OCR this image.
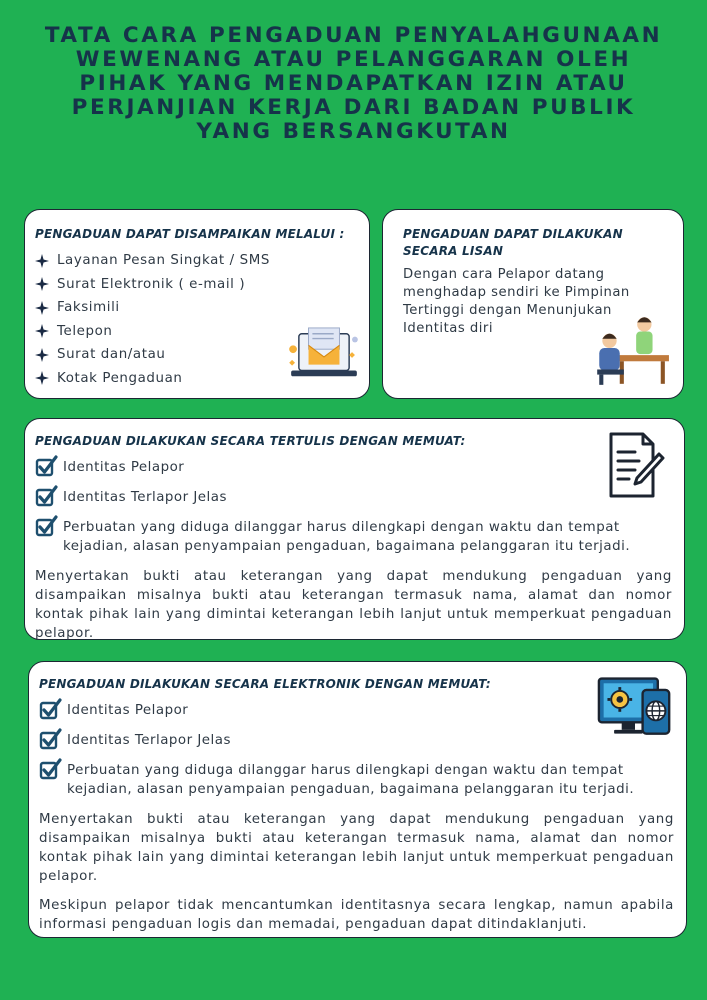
TATA CARA PENGADUAN PENYALAHGUNAAN WEWENANG ATAU PELANGGARAN OLEH PIHAK YANG MENDAPATKAN IZIN ATAU PERJANJIAN KERJA DARI BADAN PUBLIK YANG BERSANGKUTAN
PENGADUAN DAPAT DISAMPAIKAN MELALUI :
Layanan Pesan Singkat / SMS
Surat Elektronik ( e-mail )
Faksimili
Telepon
Surat dan/atau
Kotak Pengaduan
PENGADUAN DAPAT DILAKUKAN SECARA LISAN

Dengan cara Pelapor datang menghadap sendiri ke Pimpinan Tertinggi dengan Menunjukan Identitas diri

PENGADUAN DILAKUKAN SECARA TERTULIS DENGAN MEMUAT:
Identitas Pelapor
Identitas Terlapor Jelas
Perbuatan yang diduga dilanggar harus dilengkapi dengan waktu dan tempat kejadian, alasan penyampaian pengaduan, bagaimana pelanggaran itu terjadi.

Menyertakan bukti atau keterangan yang dapat mendukung pengaduan yang disampaikan misalnya bukti atau keterangan termasuk nama, alamat dan nomor kontak pihak lain yang dimintai keterangan lebih lanjut untuk memperkuat pengaduan pelapor.

PENGADUAN DILAKUKAN SECARA ELEKTRONIK DENGAN MEMUAT:
Identitas Pelapor
Identitas Terlapor Jelas
Perbuatan yang diduga dilanggar harus dilengkapi dengan waktu dan tempat kejadian, alasan penyampaian pengaduan, bagaimana pelanggaran itu terjadi.

Menyertakan bukti atau keterangan yang dapat mendukung pengaduan yang disampaikan misalnya bukti atau keterangan termasuk nama, alamat dan nomor kontak pihak lain yang dimintai keterangan lebih lanjut untuk memperkuat pengaduan pelapor.

Meskipun pelapor tidak mencantumkan identitasnya secara lengkap, namun apabila informasi pengaduan logis dan memadai, pengaduan dapat ditindaklanjuti.
